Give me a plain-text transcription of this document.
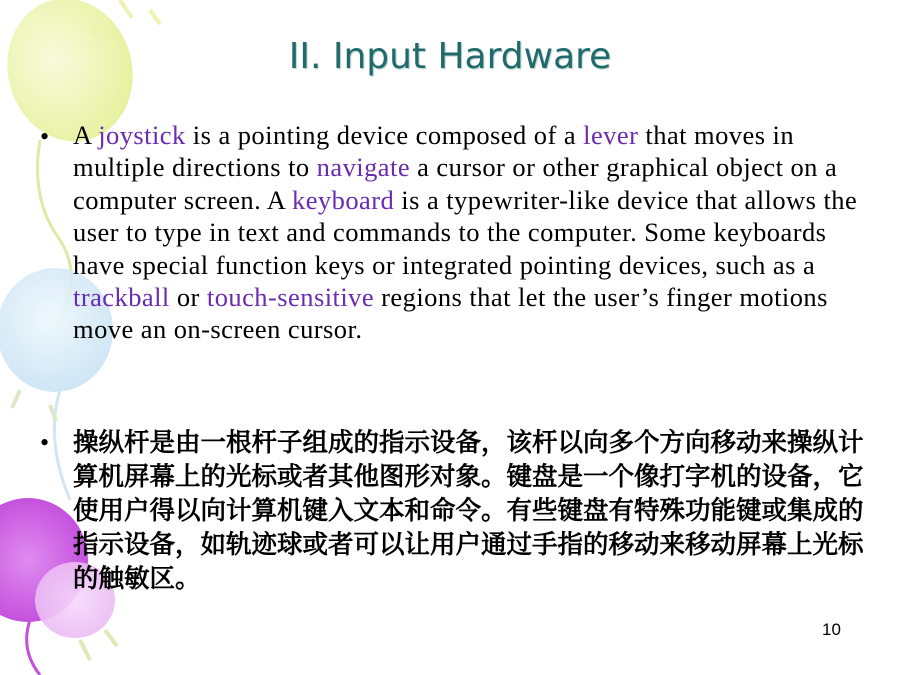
II. Input Hardware
• A joystick is a pointing device composed of a lever that moves in multiple directions to navigate a cursor or other graphical object on a computer screen. A keyboard is a typewriter-like device that allows the user to type in text and commands to the computer. Some keyboards have special function keys or integrated pointing devices, such as a trackball or touch-sensitive regions that let the user’s finger motions move an on-screen cursor.
• 操纵杆是由一根杆子组成的指示设备，该杆以向多个方向移动来操纵计算机屏幕上的光标或者其他图形对象。键盘是一个像打字机的设备，它使用户得以向计算机键入文本和命令。有些键盘有特殊功能键或集成的指示设备，如轨迹球或者可以让用户通过手指的移动来移动屏幕上光标的触敏区。
10
